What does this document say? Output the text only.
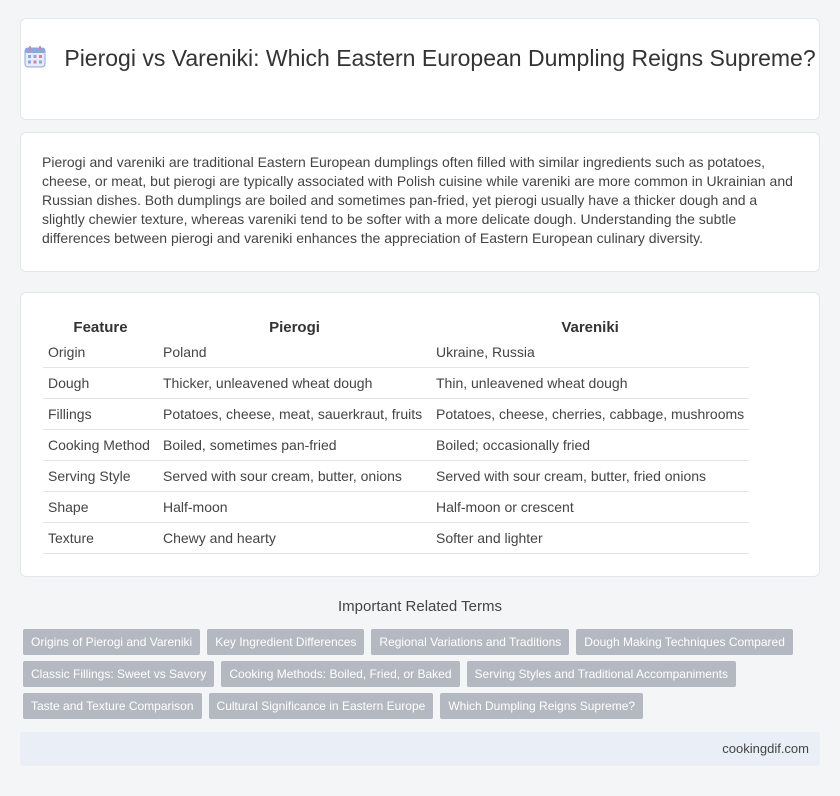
Pierogi vs Vareniki: Which Eastern European Dumpling Reigns Supreme?
Pierogi and vareniki are traditional Eastern European dumplings often filled with similar ingredients such as potatoes, cheese, or meat, but pierogi are typically associated with Polish cuisine while vareniki are more common in Ukrainian and Russian dishes. Both dumplings are boiled and sometimes pan-fried, yet pierogi usually have a thicker dough and a slightly chewier texture, whereas vareniki tend to be softer with a more delicate dough. Understanding the subtle differences between pierogi and vareniki enhances the appreciation of Eastern European culinary diversity.
Feature	Pierogi	Vareniki
Origin	Poland	Ukraine, Russia
Dough	Thicker, unleavened wheat dough	Thin, unleavened wheat dough
Fillings	Potatoes, cheese, meat, sauerkraut, fruits	Potatoes, cheese, cherries, cabbage, mushrooms
Cooking Method	Boiled, sometimes pan-fried	Boiled; occasionally fried
Serving Style	Served with sour cream, butter, onions	Served with sour cream, butter, fried onions
Shape	Half-moon	Half-moon or crescent
Texture	Chewy and hearty	Softer and lighter
Important Related Terms
Origins of Pierogi and Vareniki	Key Ingredient Differences	Regional Variations and Traditions	Dough Making Techniques Compared
Classic Fillings: Sweet vs Savory	Cooking Methods: Boiled, Fried, or Baked	Serving Styles and Traditional Accompaniments
Taste and Texture Comparison	Cultural Significance in Eastern Europe	Which Dumpling Reigns Supreme?
cookingdif.com
